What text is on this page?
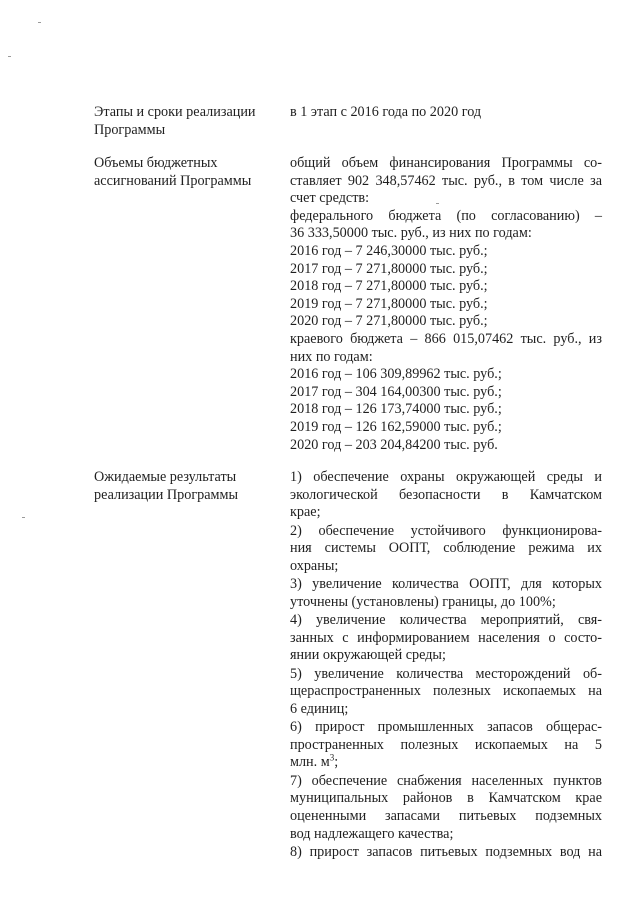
Этапы и сроки реализации
Программы
в 1 этап с 2016 года по 2020 год
Объемы бюджетных
ассигнований Программы
общий объем финансирования Программы со-
ставляет 902 348,57462 тыс. руб., в том числе за
счет средств:
федерального бюджета (по согласованию) –
36 333,50000 тыс. руб., из них по годам:
2016 год – 7 246,30000 тыс. руб.;
2017 год – 7 271,80000 тыс. руб.;
2018 год – 7 271,80000 тыс. руб.;
2019 год – 7 271,80000 тыс. руб.;
2020 год – 7 271,80000 тыс. руб.;
краевого бюджета – 866 015,07462 тыс. руб., из
них по годам:
2016 год – 106 309,89962 тыс. руб.;
2017 год – 304 164,00300 тыс. руб.;
2018 год – 126 173,74000 тыс. руб.;
2019 год – 126 162,59000 тыс. руб.;
2020 год – 203 204,84200 тыс. руб.
Ожидаемые результаты
реализации Программы
1) обеспечение охраны окружающей среды и
экологической безопасности в Камчатском
крае;
2) обеспечение устойчивого функционирова-
ния системы ООПТ, соблюдение режима их
охраны;
3) увеличение количества ООПТ, для которых
уточнены (установлены) границы, до 100%;
4) увеличение количества мероприятий, свя-
занных с информированием населения о состо-
янии окружающей среды;
5) увеличение количества месторождений об-
щераспространенных полезных ископаемых на
6 единиц;
6) прирост промышленных запасов общерас-
пространенных полезных ископаемых на 5
млн. $м^3$;
7) обеспечение снабжения населенных пунктов
муниципальных районов в Камчатском крае
оцененными запасами питьевых подземных
вод надлежащего качества;
8) прирост запасов питьевых подземных вод на
